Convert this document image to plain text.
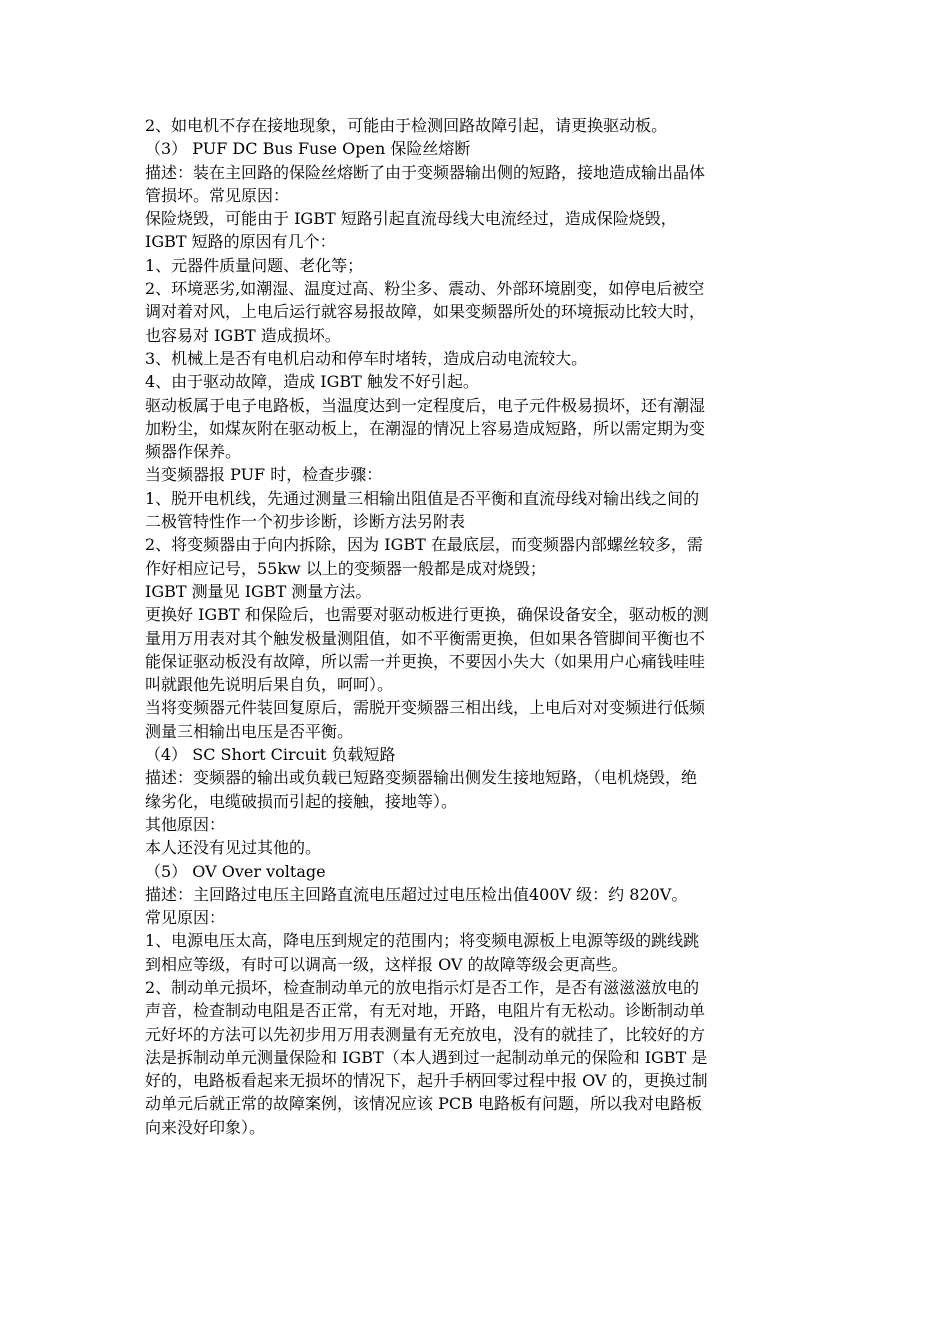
2、如电机不存在接地现象，可能由于检测回路故障引起，请更换驱动板。
（3） PUF DC Bus Fuse Open 保险丝熔断
描述：装在主回路的保险丝熔断了由于变频器输出侧的短路，接地造成输出晶体
管损坏。常见原因：
保险烧毁，可能由于 IGBT 短路引起直流母线大电流经过，造成保险烧毁，
IGBT 短路的原因有几个：
1、元器件质量问题、老化等；
2、环境恶劣,如潮湿、温度过高、粉尘多、震动、外部环境剧变，如停电后被空
调对着对风，上电后运行就容易报故障，如果变频器所处的环境振动比较大时，
也容易对 IGBT 造成损坏。
3、机械上是否有电机启动和停车时堵转，造成启动电流较大。
4、由于驱动故障，造成 IGBT 触发不好引起。
驱动板属于电子电路板，当温度达到一定程度后，电子元件极易损坏，还有潮湿
加粉尘，如煤灰附在驱动板上，在潮湿的情况上容易造成短路，所以需定期为变
频器作保养。
当变频器报 PUF 时，检查步骤：
1、脱开电机线，先通过测量三相输出阻值是否平衡和直流母线对输出线之间的
二极管特性作一个初步诊断，诊断方法另附表
2、将变频器由于向内拆除，因为 IGBT 在最底层，而变频器内部螺丝较多，需
作好相应记号，55kw 以上的变频器一般都是成对烧毁；
IGBT 测量见 IGBT 测量方法。
更换好 IGBT 和保险后，也需要对驱动板进行更换，确保设备安全，驱动板的测
量用万用表对其个触发极量测阻值，如不平衡需更换，但如果各管脚间平衡也不
能保证驱动板没有故障，所以需一并更换，不要因小失大（如果用户心痛钱哇哇
叫就跟他先说明后果自负，呵呵）。
当将变频器元件装回复原后，需脱开变频器三相出线，上电后对对变频进行低频
测量三相输出电压是否平衡。
（4） SC Short Circuit 负载短路
描述：变频器的输出或负载已短路变频器输出侧发生接地短路，（电机烧毁，绝
缘劣化，电缆破损而引起的接触，接地等）。
其他原因：
本人还没有见过其他的。
（5） OV Over voltage
描述：主回路过电压主回路直流电压超过过电压检出值400V 级：约 820V。
常见原因：
1、电源电压太高，降电压到规定的范围内；将变频电源板上电源等级的跳线跳
到相应等级，有时可以调高一级，这样报 OV 的故障等级会更高些。
2、制动单元损坏，检查制动单元的放电指示灯是否工作，是否有滋滋滋放电的
声音，检查制动电阻是否正常，有无对地，开路，电阻片有无松动。诊断制动单
元好坏的方法可以先初步用万用表测量有无充放电，没有的就挂了，比较好的方
法是拆制动单元测量保险和 IGBT（本人遇到过一起制动单元的保险和 IGBT 是
好的，电路板看起来无损坏的情况下，起升手柄回零过程中报 OV 的，更换过制
动单元后就正常的故障案例，该情况应该 PCB 电路板有问题，所以我对电路板
向来没好印象）。
